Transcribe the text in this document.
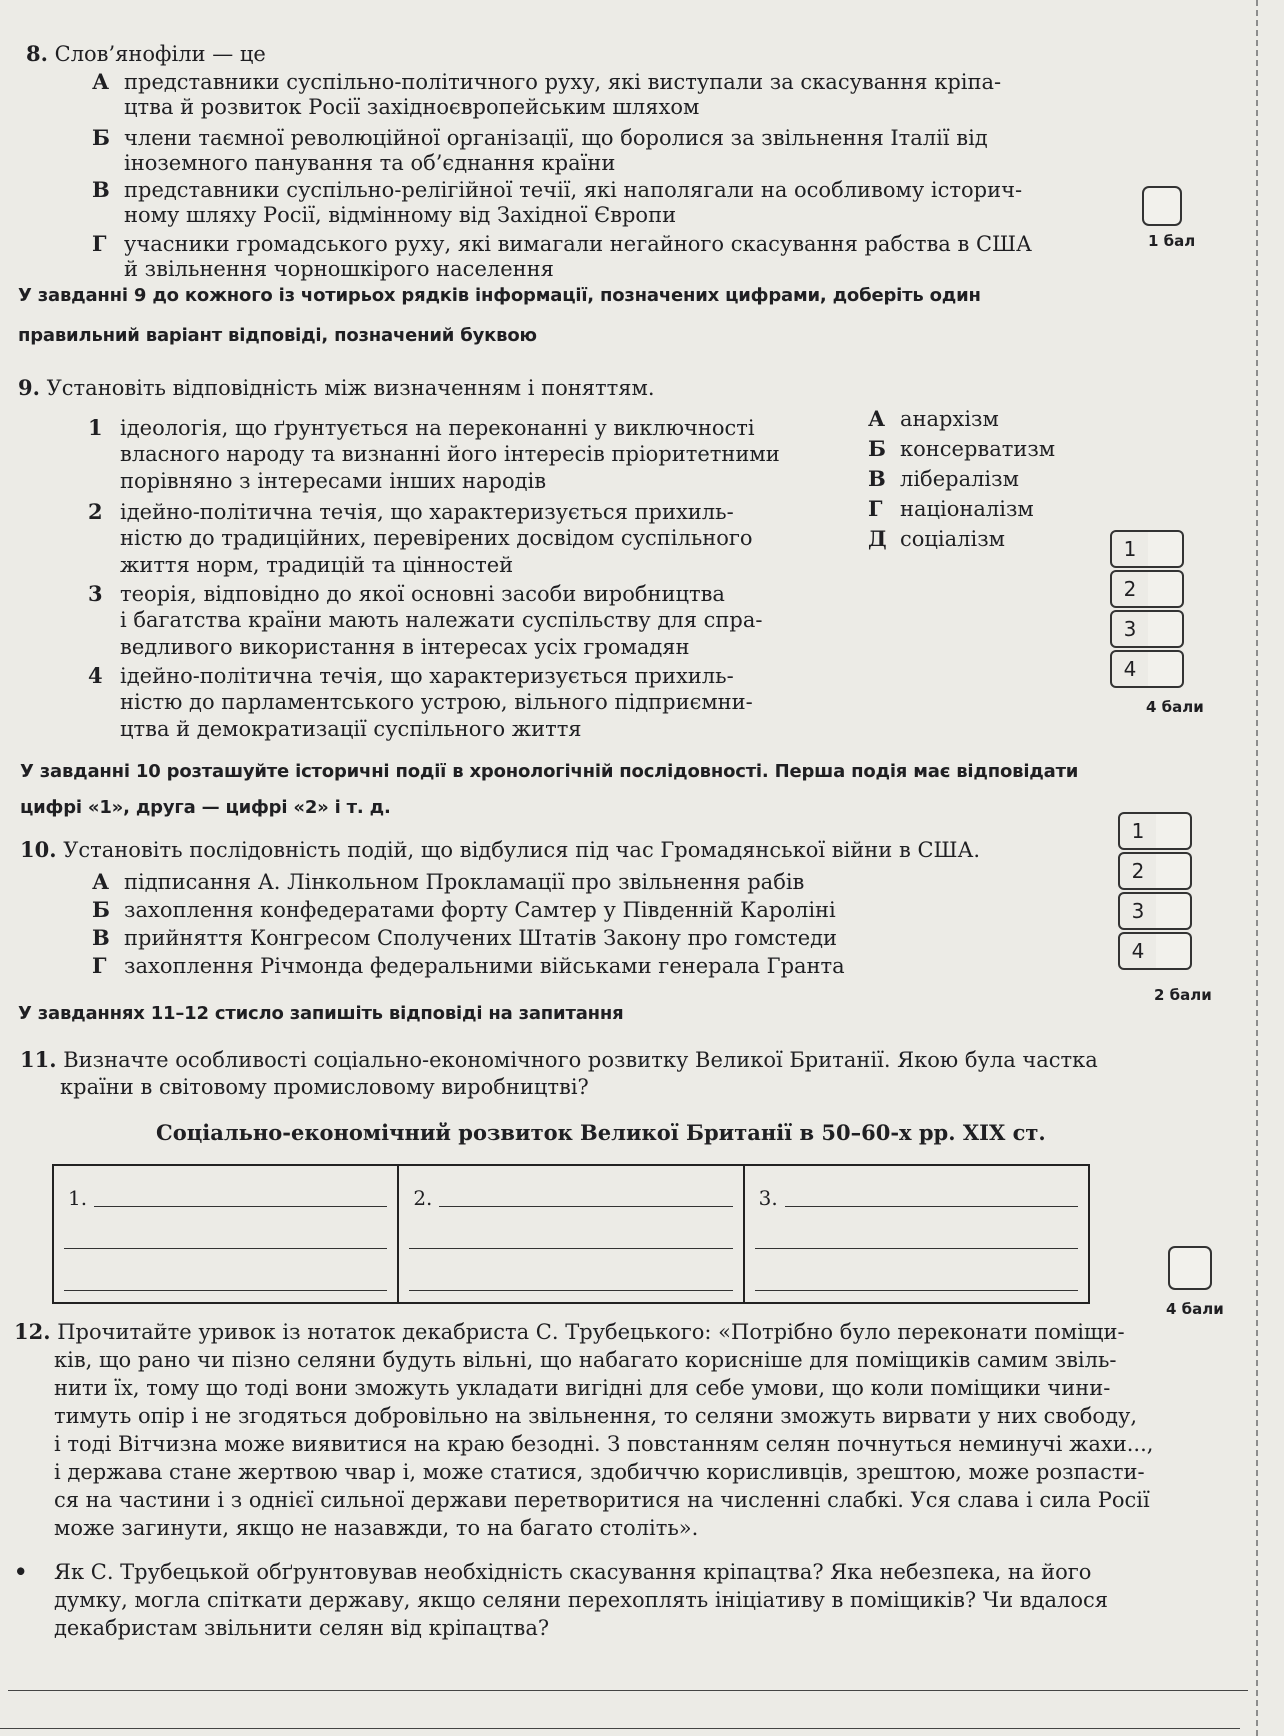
8. Слов’янофіли — це
А представники суспільно-політичного руху, які виступали за скасування кріпа-
цтва й розвиток Росії західноєвропейським шляхом
Б члени таємної революційної організації, що боролися за звільнення Італії від
іноземного панування та об’єднання країни
В представники суспільно-релігійної течії, які наполягали на особливому історич-
ному шляху Росії, відмінному від Західної Європи
Г учасники громадського руху, які вимагали негайного скасування рабства в США
й звільнення чорношкірого населення
1 бал
У завданні 9 до кожного із чотирьох рядків інформації, позначених цифрами, доберіть один
правильний варіант відповіді, позначений буквою
9. Установіть відповідність між визначенням і поняттям.
1 ідеологія, що ґрунтується на переконанні у виключності
власного народу та визнанні його інтересів пріоритетними
порівняно з інтересами інших народів
2 ідейно-політична течія, що характеризується прихиль-
ністю до традиційних, перевірених досвідом суспільного
життя норм, традицій та цінностей
3 теорія, відповідно до якої основні засоби виробництва
і багатства країни мають належати суспільству для спра-
ведливого використання в інтересах усіх громадян
4 ідейно-політична течія, що характеризується прихиль-
ністю до парламентського устрою, вільного підприємни-
цтва й демократизації суспільного життя
А анархізм
Б консерватизм
В лібералізм
Г націоналізм
Д соціалізм	1
2
3
4
4 бали
У завданні 10 розташуйте історичні події в хронологічній послідовності. Перша подія має відповідати
цифрі «1», друга — цифрі «2» і т. д.
10. Установіть послідовність подій, що відбулися під час Громадянської війни в США.
А підписання А. Лінкольном Прокламації про звільнення рабів
Б захоплення конфедератами форту Самтер у Південній Кароліні
В прийняття Конгресом Сполучених Штатів Закону про гомстеди
Г захоплення Річмонда федеральними військами генерала Гранта
1
2
3
4
2 бали
У завданнях 11–12 стисло запишіть відповіді на запитання
11. Визначте особливості соціально-економічного розвитку Великої Британії. Якою була частка
країни в світовому промисловому виробництві?
Соціально-економічний розвиток Великої Британії в 50–60-х рр. XIX ст.
1.	2.	3.
4 бали
12. Прочитайте уривок із нотаток декабриста С. Трубецького: «Потрібно було переконати поміщи-
ків, що рано чи пізно селяни будуть вільні, що набагато корисніше для поміщиків самим звіль-
нити їх, тому що тоді вони зможуть укладати вигідні для себе умови, що коли поміщики чини-
тимуть опір і не згодяться добровільно на звільнення, то селяни зможуть вирвати у них свободу,
і тоді Вітчизна може виявитися на краю безодні. З повстанням селян почнуться неминучі жахи...,
і держава стане жертвою чвар і, може статися, здобиччю корисливців, зрештою, може розпасти-
ся на частини і з однієї сильної держави перетворитися на численні слабкі. Уся слава і сила Росії
може загинути, якщо не назавжди, то на багато століть».
• Як С. Трубецькой обґрунтовував необхідність скасування кріпацтва? Яка небезпека, на його
думку, могла спіткати державу, якщо селяни перехоплять ініціативу в поміщиків? Чи вдалося
декабристам звільнити селян від кріпацтва?
